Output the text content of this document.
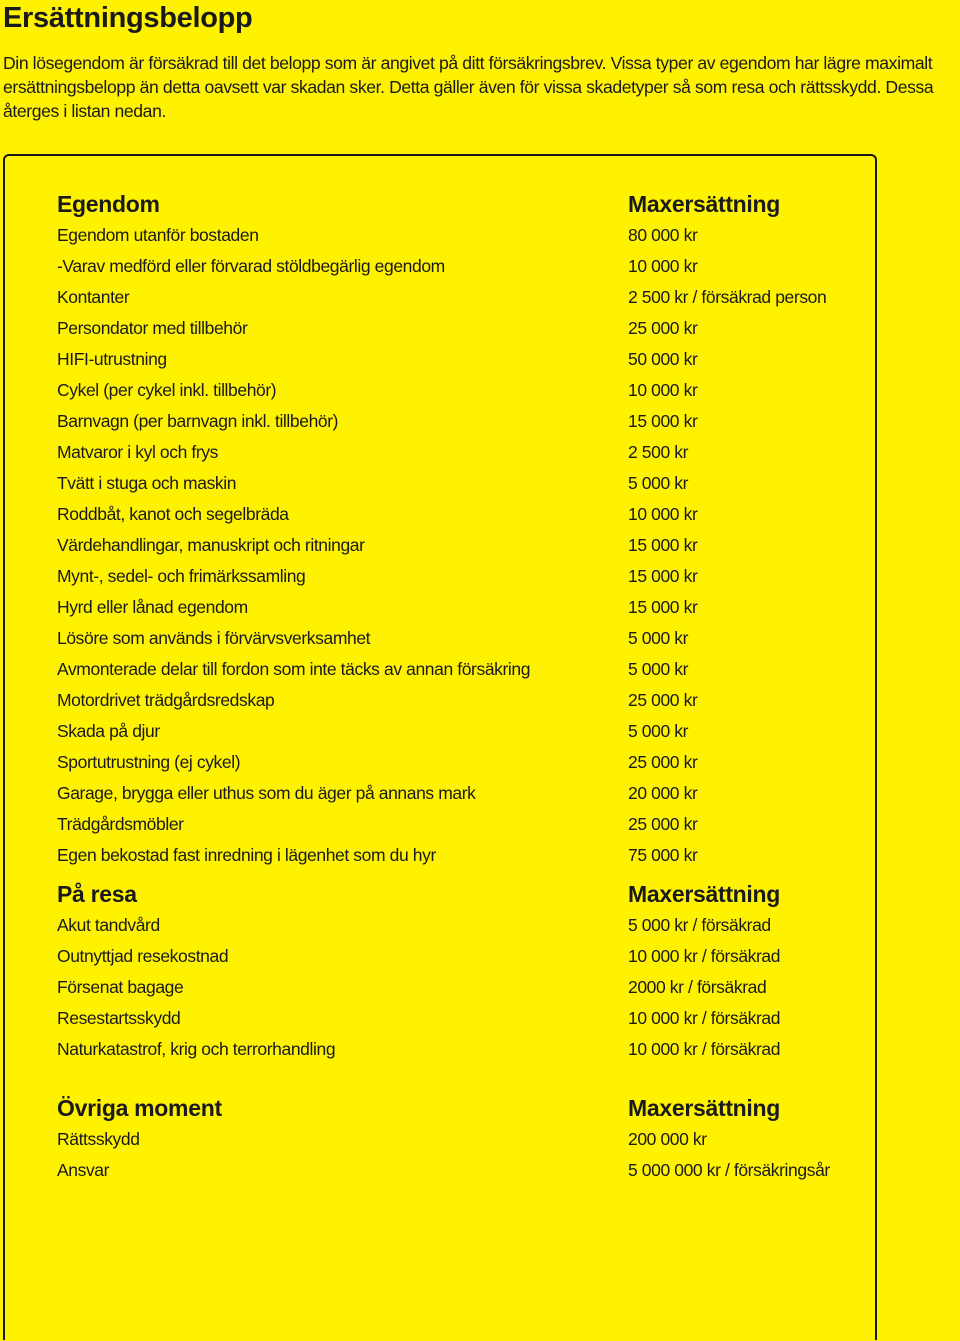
Ersättningsbelopp

Din lösegendom är försäkrad till det belopp som är angivet på ditt försäkringsbrev. Vissa typer av egendom har lägre maximalt ersättningsbelopp än detta oavsett var skadan sker. Detta gäller även för vissa skadetyper så som resa och rättsskydd. Dessa återges i listan nedan.

Egendom	Maxersättning
Egendom utanför bostaden	80 000 kr
-Varav medförd eller förvarad stöldbegärlig egendom	10 000 kr
Kontanter	2 500 kr / försäkrad person
Persondator med tillbehör	25 000 kr
HIFI-utrustning	50 000 kr
Cykel (per cykel inkl. tillbehör)	10 000 kr
Barnvagn (per barnvagn inkl. tillbehör)	15 000 kr
Matvaror i kyl och frys	2 500 kr
Tvätt i stuga och maskin	5 000 kr
Roddbåt, kanot och segelbräda	10 000 kr
Värdehandlingar, manuskript och ritningar	15 000 kr
Mynt-, sedel- och frimärkssamling	15 000 kr
Hyrd eller lånad egendom	15 000 kr
Lösöre som används i förvärvsverksamhet	5 000 kr
Avmonterade delar till fordon som inte täcks av annan försäkring	5 000 kr
Motordrivet trädgårdsredskap	25 000 kr
Skada på djur	5 000 kr
Sportutrustning (ej cykel)	25 000 kr
Garage, brygga eller uthus som du äger på annans mark	20 000 kr
Trädgårdsmöbler	25 000 kr
Egen bekostad fast inredning i lägenhet som du hyr	75 000 kr
På resa	Maxersättning
Akut tandvård	5 000 kr / försäkrad
Outnyttjad resekostnad	10 000 kr / försäkrad
Försenat bagage	2000 kr / försäkrad
Resestartsskydd	10 000 kr / försäkrad
Naturkatastrof, krig och terrorhandling	10 000 kr / försäkrad
Övriga moment	Maxersättning
Rättsskydd	200 000 kr
Ansvar	5 000 000 kr / försäkringsår
